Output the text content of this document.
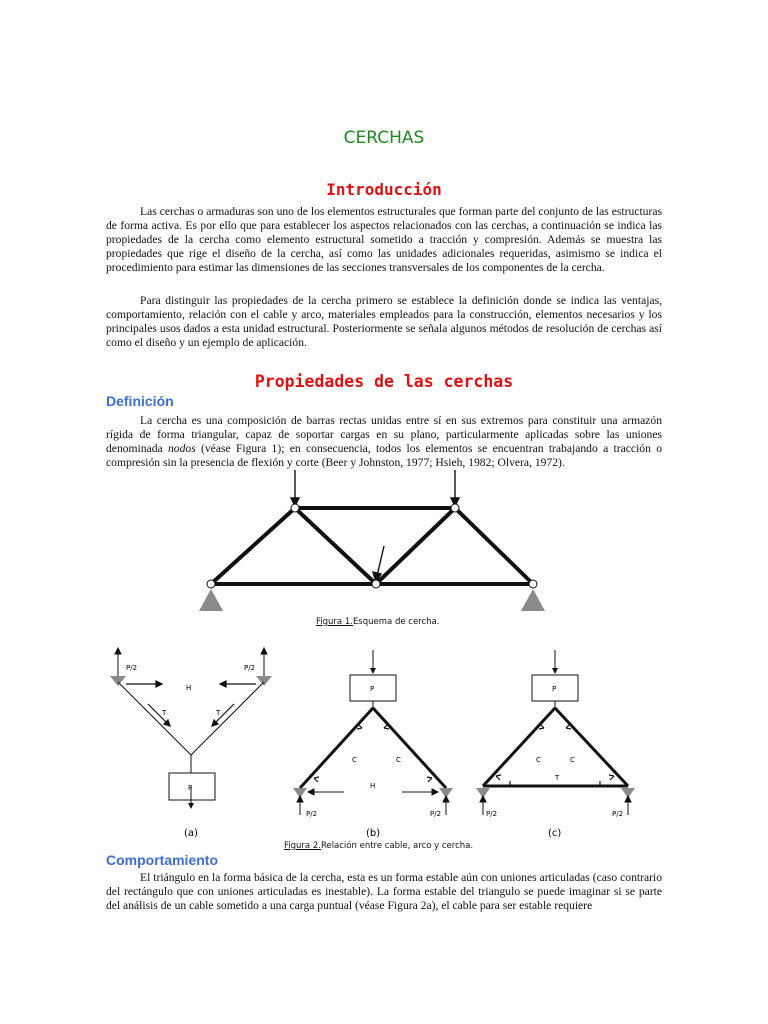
CERCHAS
Introducción

Las cerchas o armaduras son uno de los elementos estructurales que forman parte del conjunto de las estructuras de forma activa. Es por ello que para establecer los aspectos relacionados con las cerchas, a continuación se indica las propiedades de la cercha como elemento estructural sometido a tracción y compresión. Además se muestra las propiedades que rige el diseño de la cercha, así como las unidades adicionales requeridas, asimismo se indica el procedimiento para estimar las dimensiones de las secciones transversales de los componentes de la cercha.

Para distinguir las propiedades de la cercha primero se establece la definición donde se indica las ventajas, comportamiento, relación con el cable y arco, materiales empleados para la construcción, elementos necesarios y los principales usos dados a esta unidad estructural. Posteriormente se señala algunos métodos de resolución de cerchas así como el diseño y un ejemplo de aplicación.

Propiedades de las cerchas
Definición

La cercha es una composición de barras rectas unidas entre sí en sus extremos para constituir una armazón rígida de forma triangular, capaz de soportar cargas en su plano, particularmente aplicadas sobre las uniones denominada nodos (véase Figura 1); en consecuencia, todos los elementos se encuentran trabajando a tracción o compresión sin la presencia de flexión y corte (Beer y Johnston, 1977; Hsieh, 1982; Olvera, 1972).

Figura 1.Esquema de cercha.
P/2	P/2
H
T	T
P
(a)
P
C	C
H
P/2	P/2
(b)
P
C	C
T
P/2	P/2
(c)
Figura 2.Relación entre cable, arco y cercha.
Comportamiento

El triángulo en la forma básica de la cercha, esta es un forma estable aún con uniones articuladas (caso contrario del rectángulo que con uniones articuladas es inestable). La forma estable del triangulo se puede imaginar si se parte del análisis de un cable sometido a una carga puntual (véase Figura 2a), el cable para ser estable requiere
